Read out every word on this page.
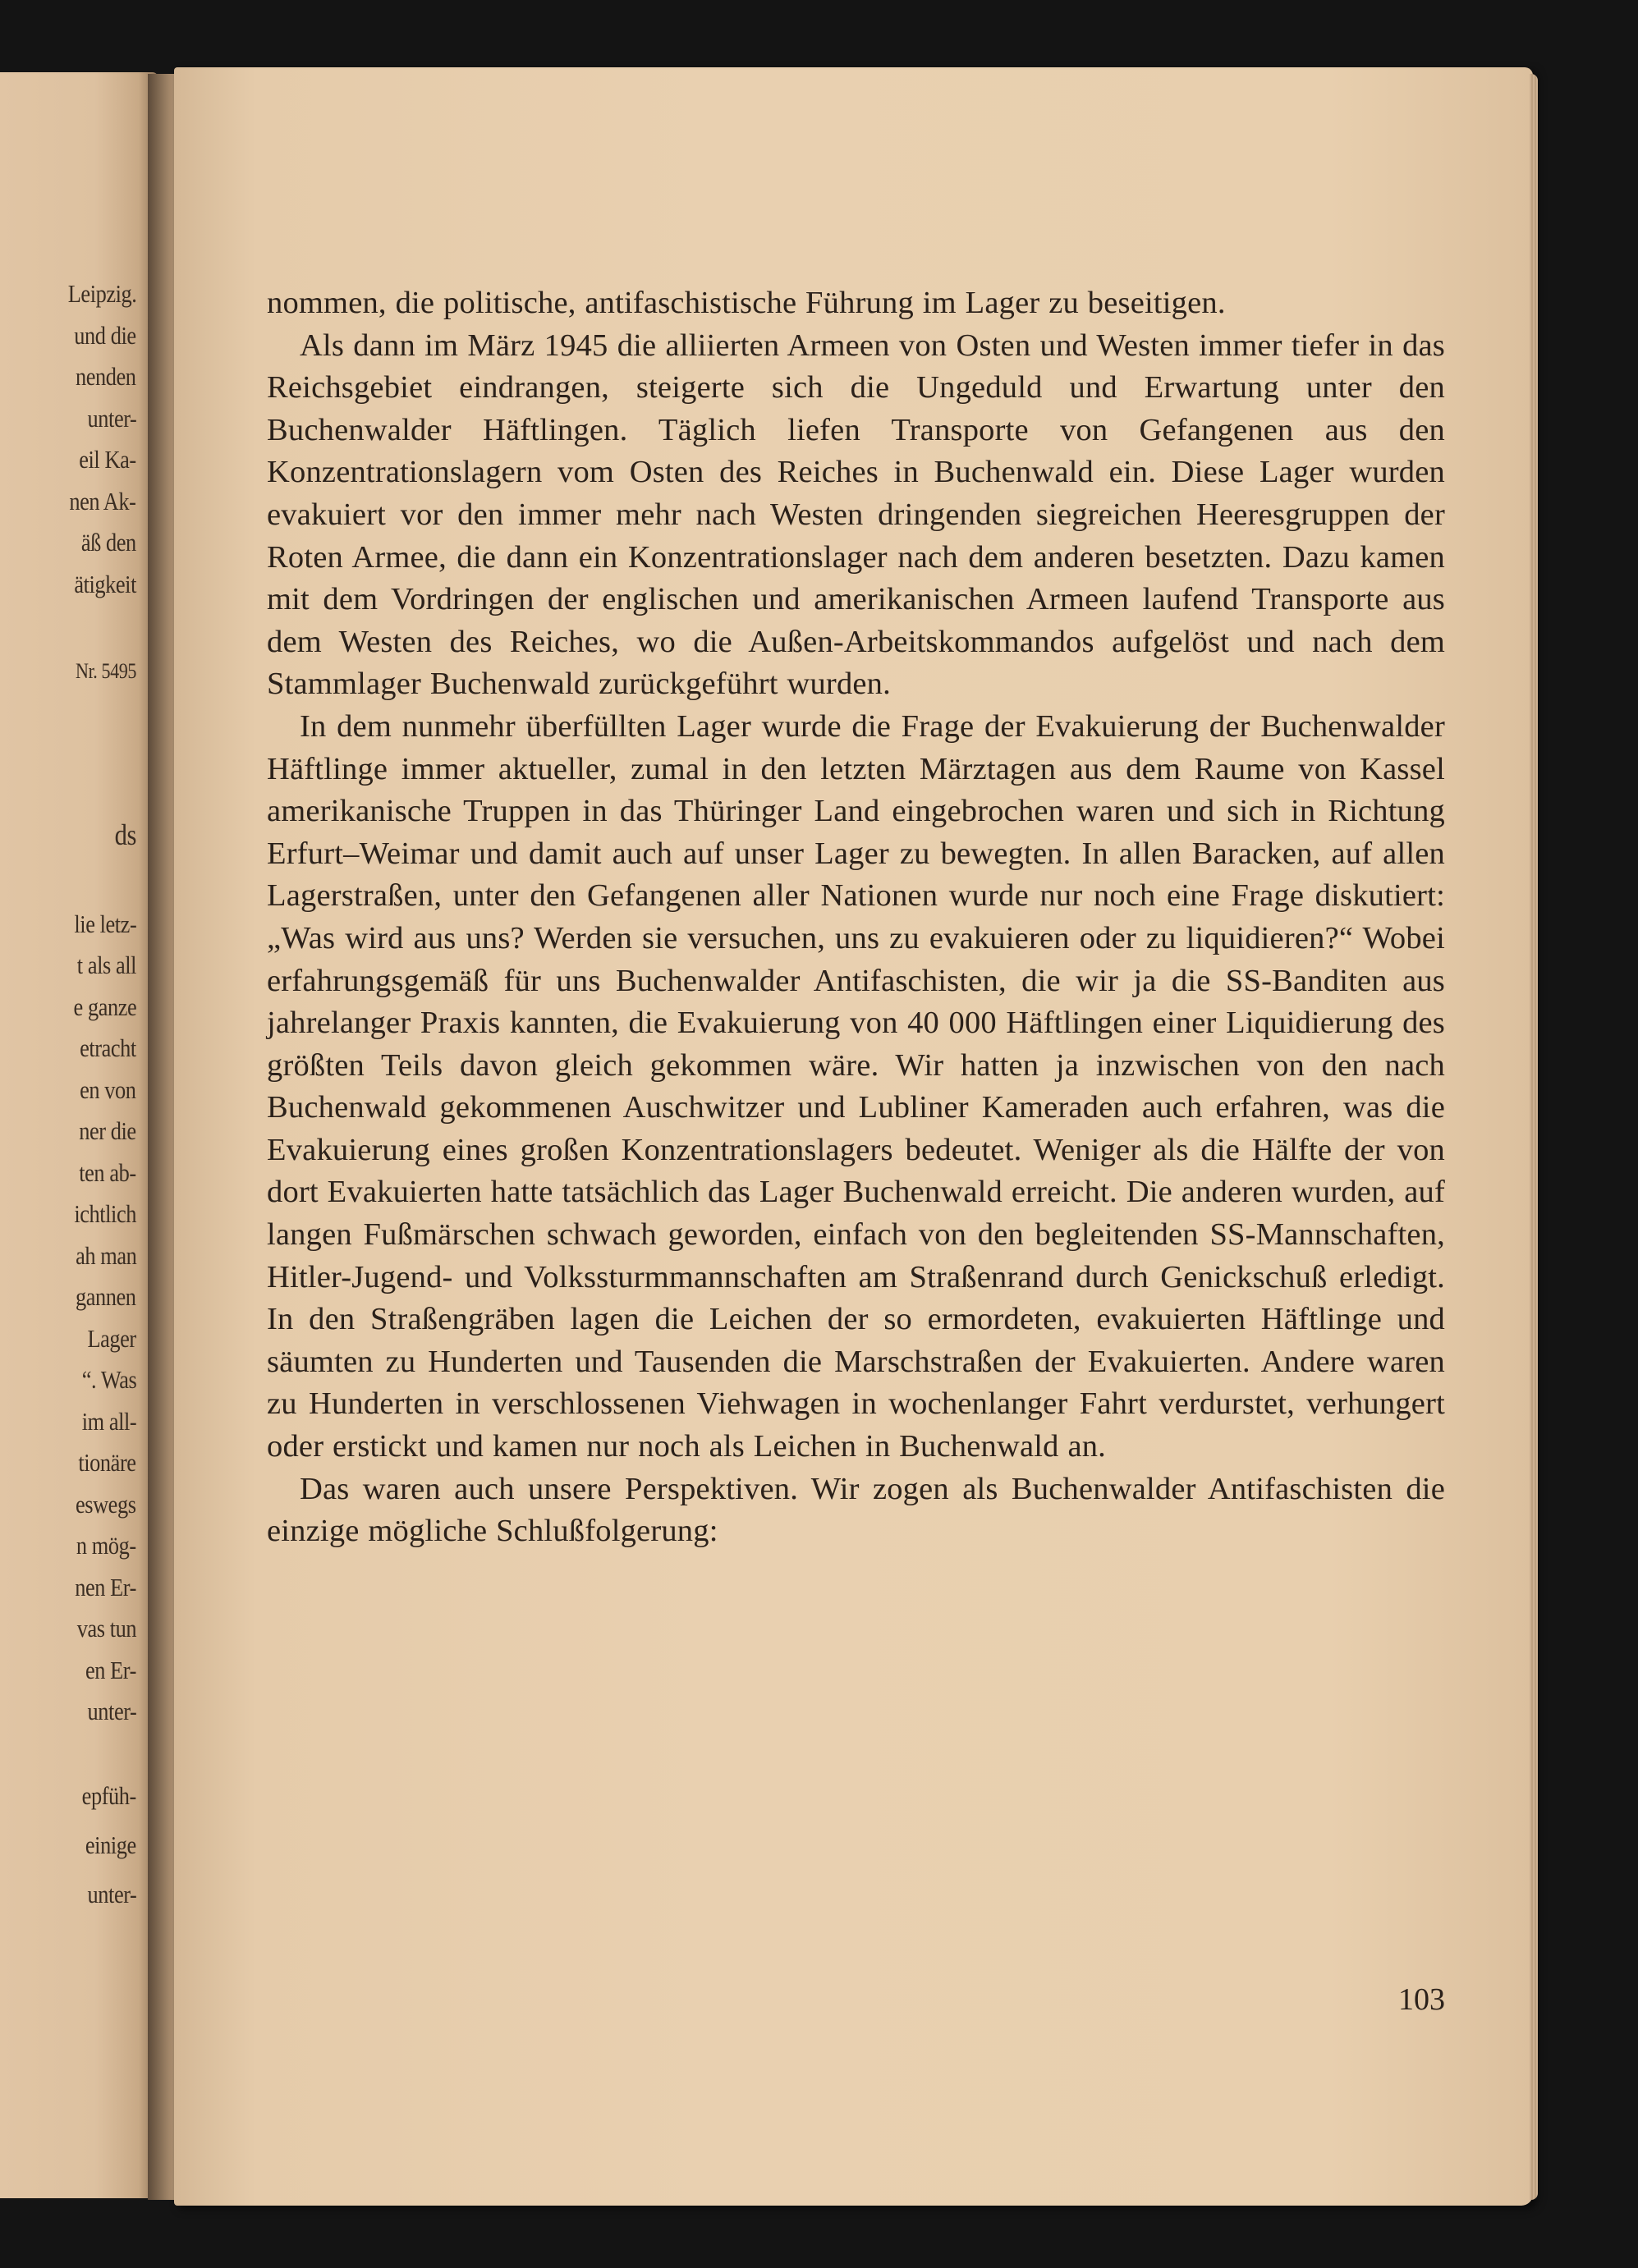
Leipzig.
und die
nenden
unter-
eil Ka-
nen Ak-
äß den
ätigkeit
Nr. 5495
ds
lie letz-
t als all
e ganze
etracht
en von
ner die
ten ab-
ichtlich
ah man
gannen
Lager
“. Was
im all-
tionäre
eswegs
n mög-
nen Er-
vas tun
en Er-
unter-
ерfüh-
einige
unter-

nommen, die politische, antifaschistische Führung im Lager zu beseitigen.

Als dann im März 1945 die alliierten Armeen von Osten und Westen immer tiefer in das Reichsgebiet eindrangen, steigerte sich die Ungeduld und Erwartung unter den Buchenwalder Häftlingen. Täglich liefen Transporte von Gefangenen aus den Konzentrationslagern vom Osten des Reiches in Buchenwald ein. Diese Lager wurden evakuiert vor den immer mehr nach Westen dringenden siegreichen Heeresgruppen der Roten Armee, die dann ein Konzentrationslager nach dem anderen besetzten. Dazu kamen mit dem Vordringen der englischen und amerikanischen Armeen laufend Transporte aus dem Westen des Reiches, wo die Außen-Arbeitskommandos aufgelöst und nach dem Stammlager Buchenwald zurückgeführt wurden.

In dem nunmehr überfüllten Lager wurde die Frage der Evakuierung der Buchenwalder Häftlinge immer aktueller, zumal in den letzten Märztagen aus dem Raume von Kassel amerikanische Truppen in das Thüringer Land eingebrochen waren und sich in Richtung Erfurt–Weimar und damit auch auf unser Lager zu bewegten. In allen Baracken, auf allen Lagerstraßen, unter den Gefangenen aller Nationen wurde nur noch eine Frage diskutiert: „Was wird aus uns? Werden sie versuchen, uns zu evakuieren oder zu liquidieren?“ Wobei erfahrungsgemäß für uns Buchenwalder Antifaschisten, die wir ja die SS-Banditen aus jahrelanger Praxis kannten, die Evakuierung von 40 000 Häftlingen einer Liquidierung des größten Teils davon gleich gekommen wäre. Wir hatten ja inzwischen von den nach Buchenwald gekommenen Auschwitzer und Lubliner Kameraden auch erfahren, was die Evakuierung eines großen Konzentrationslagers bedeutet. Weniger als die Hälfte der von dort Evakuierten hatte tatsächlich das Lager Buchenwald erreicht. Die anderen wurden, auf langen Fußmärschen schwach geworden, einfach von den begleitenden SS-Mannschaften, Hitler-Jugend- und Volkssturmmannschaften am Straßenrand durch Genickschuß erledigt. In den Straßengräben lagen die Leichen der so ermordeten, evakuierten Häftlinge und säumten zu Hunderten und Tausenden die Marschstraßen der Evakuierten. Andere waren zu Hunderten in verschlossenen Viehwagen in wochenlanger Fahrt verdurstet, verhungert oder erstickt und kamen nur noch als Leichen in Buchenwald an.

Das waren auch unsere Perspektiven. Wir zogen als Buchenwalder Antifaschisten die einzige mögliche Schlußfolgerung:

103
